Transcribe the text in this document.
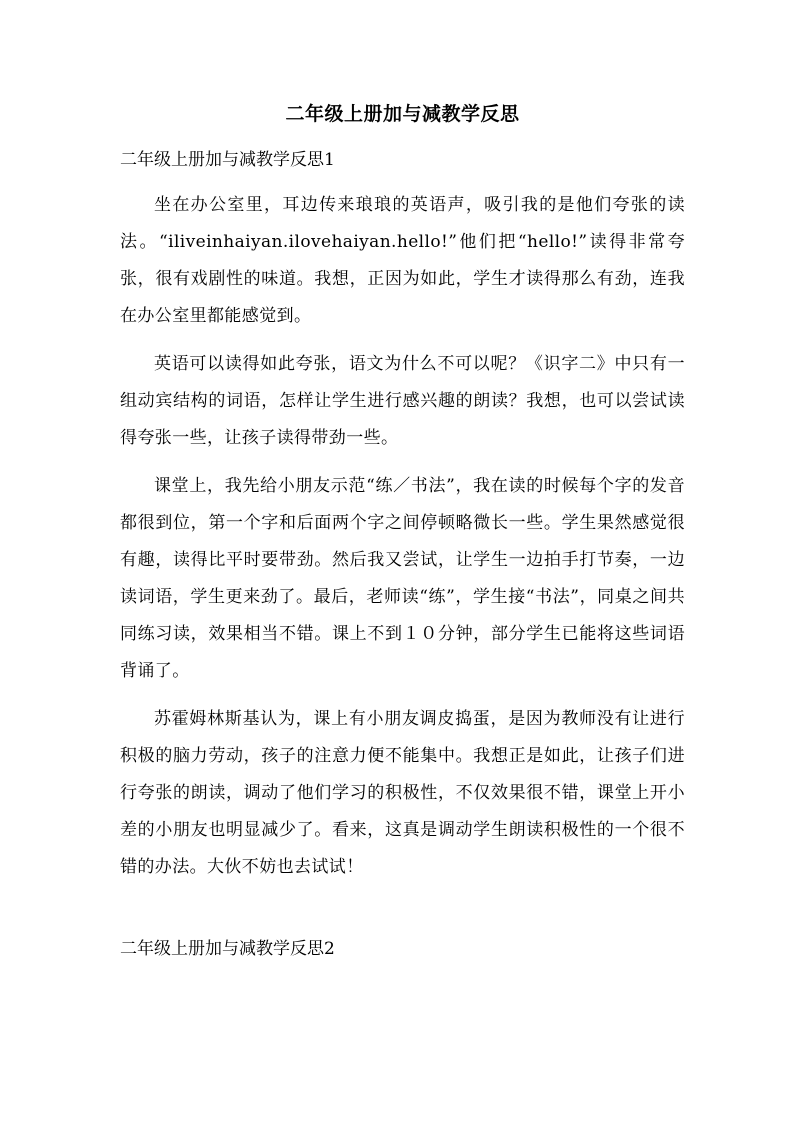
二年级上册加与减教学反思
二年级上册加与减教学反思1

坐在办公室里，耳边传来琅琅的英语声，吸引我的是他们夸张的读法。“iliveinhaiyan.ilovehaiyan.hello!”他们把“hello!”读得非常夸张，很有戏剧性的味道。我想，正因为如此，学生才读得那么有劲，连我在办公室里都能感觉到。

英语可以读得如此夸张，语文为什么不可以呢？《识字二》中只有一组动宾结构的词语，怎样让学生进行感兴趣的朗读？我想，也可以尝试读得夸张一些，让孩子读得带劲一些。

课堂上，我先给小朋友示范“练／书法”，我在读的时候每个字的发音都很到位，第一个字和后面两个字之间停顿略微长一些。学生果然感觉很有趣，读得比平时要带劲。然后我又尝试，让学生一边拍手打节奏，一边读词语，学生更来劲了。最后，老师读“练”，学生接“书法”，同桌之间共同练习读，效果相当不错。课上不到１０分钟，部分学生已能将这些词语背诵了。

苏霍姆林斯基认为，课上有小朋友调皮捣蛋，是因为教师没有让进行积极的脑力劳动，孩子的注意力便不能集中。我想正是如此，让孩子们进行夸张的朗读，调动了他们学习的积极性，不仅效果很不错，课堂上开小差的小朋友也明显减少了。看来，这真是调动学生朗读积极性的一个很不错的办法。大伙不妨也去试试！

二年级上册加与减教学反思2
